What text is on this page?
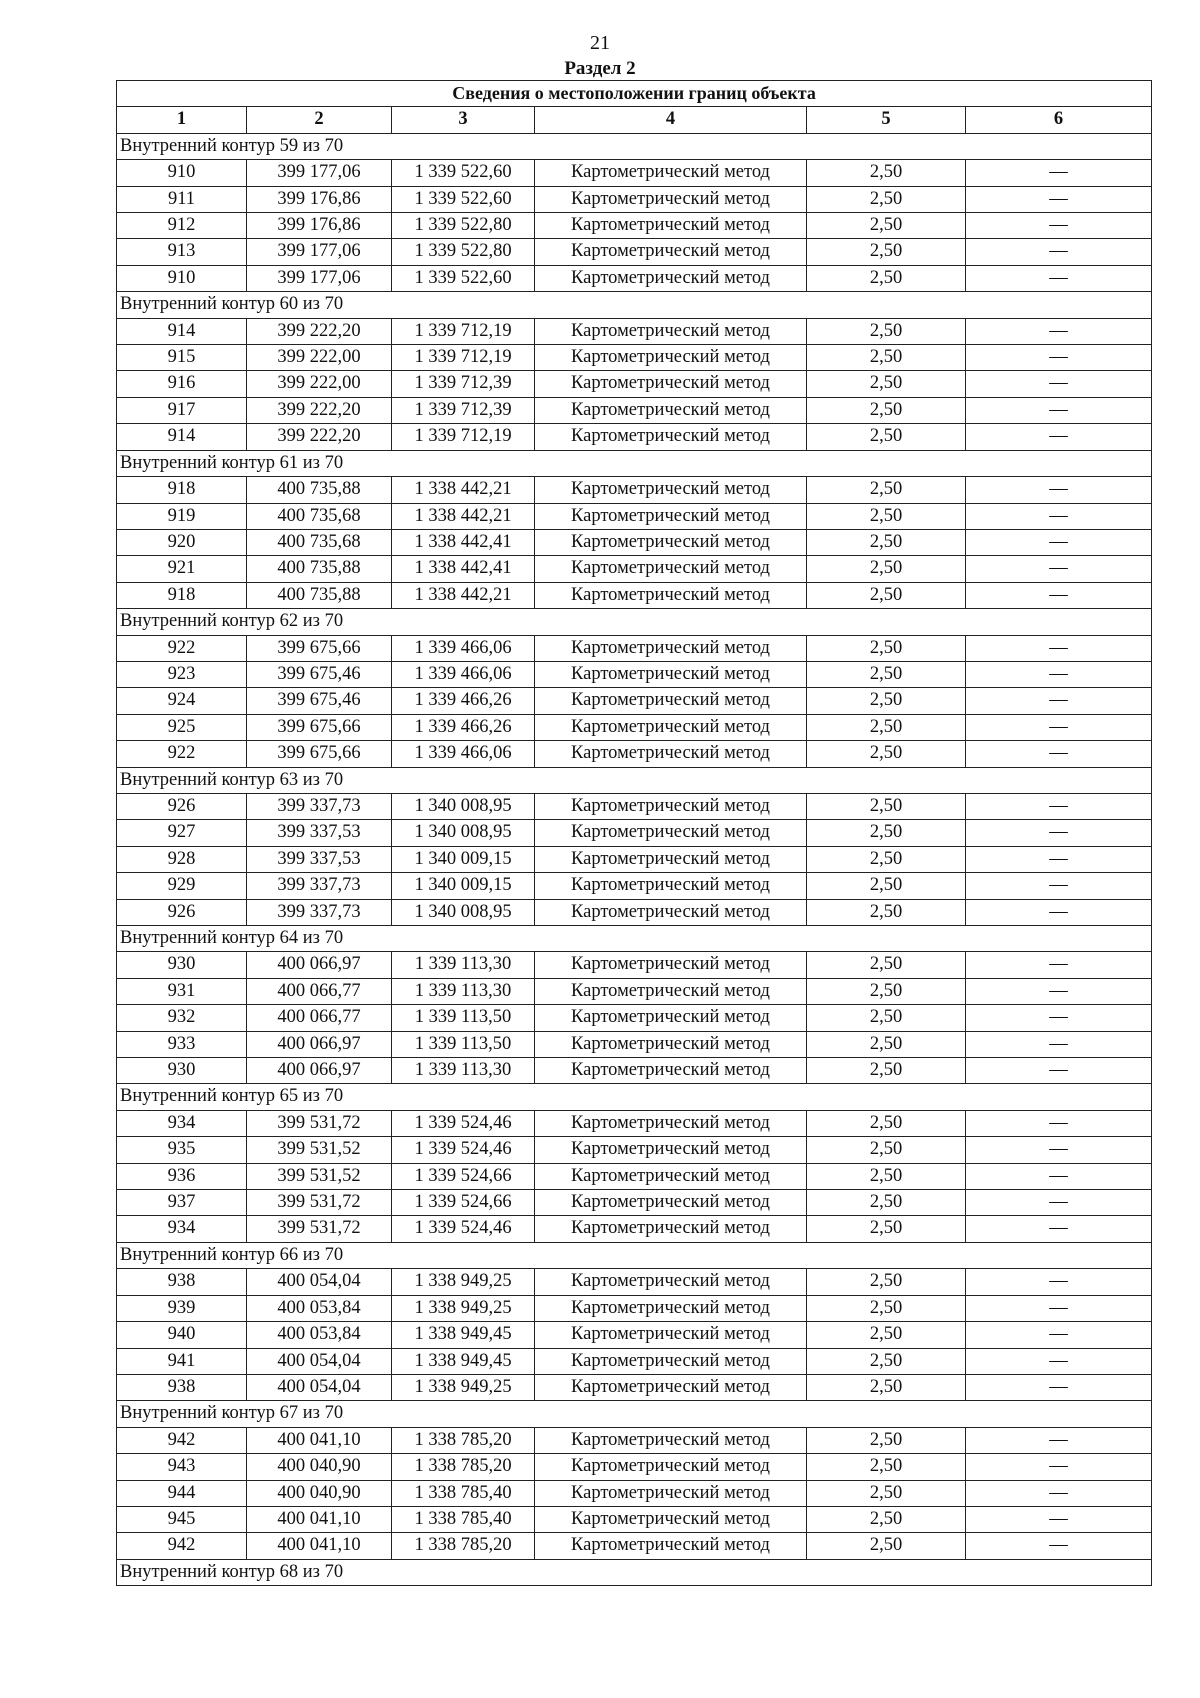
21
Раздел 2
Сведения о местоположении границ объекта					
1	2	3	4	5	6
Внутренний контур 59 из 70					
910	399 177,06	1 339 522,60	Картометрический метод	2,50	—
911	399 176,86	1 339 522,60	Картометрический метод	2,50	—
912	399 176,86	1 339 522,80	Картометрический метод	2,50	—
913	399 177,06	1 339 522,80	Картометрический метод	2,50	—
910	399 177,06	1 339 522,60	Картометрический метод	2,50	—
Внутренний контур 60 из 70					
914	399 222,20	1 339 712,19	Картометрический метод	2,50	—
915	399 222,00	1 339 712,19	Картометрический метод	2,50	—
916	399 222,00	1 339 712,39	Картометрический метод	2,50	—
917	399 222,20	1 339 712,39	Картометрический метод	2,50	—
914	399 222,20	1 339 712,19	Картометрический метод	2,50	—
Внутренний контур 61 из 70					
918	400 735,88	1 338 442,21	Картометрический метод	2,50	—
919	400 735,68	1 338 442,21	Картометрический метод	2,50	—
920	400 735,68	1 338 442,41	Картометрический метод	2,50	—
921	400 735,88	1 338 442,41	Картометрический метод	2,50	—
918	400 735,88	1 338 442,21	Картометрический метод	2,50	—
Внутренний контур 62 из 70					
922	399 675,66	1 339 466,06	Картометрический метод	2,50	—
923	399 675,46	1 339 466,06	Картометрический метод	2,50	—
924	399 675,46	1 339 466,26	Картометрический метод	2,50	—
925	399 675,66	1 339 466,26	Картометрический метод	2,50	—
922	399 675,66	1 339 466,06	Картометрический метод	2,50	—
Внутренний контур 63 из 70					
926	399 337,73	1 340 008,95	Картометрический метод	2,50	—
927	399 337,53	1 340 008,95	Картометрический метод	2,50	—
928	399 337,53	1 340 009,15	Картометрический метод	2,50	—
929	399 337,73	1 340 009,15	Картометрический метод	2,50	—
926	399 337,73	1 340 008,95	Картометрический метод	2,50	—
Внутренний контур 64 из 70					
930	400 066,97	1 339 113,30	Картометрический метод	2,50	—
931	400 066,77	1 339 113,30	Картометрический метод	2,50	—
932	400 066,77	1 339 113,50	Картометрический метод	2,50	—
933	400 066,97	1 339 113,50	Картометрический метод	2,50	—
930	400 066,97	1 339 113,30	Картометрический метод	2,50	—
Внутренний контур 65 из 70					
934	399 531,72	1 339 524,46	Картометрический метод	2,50	—
935	399 531,52	1 339 524,46	Картометрический метод	2,50	—
936	399 531,52	1 339 524,66	Картометрический метод	2,50	—
937	399 531,72	1 339 524,66	Картометрический метод	2,50	—
934	399 531,72	1 339 524,46	Картометрический метод	2,50	—
Внутренний контур 66 из 70					
938	400 054,04	1 338 949,25	Картометрический метод	2,50	—
939	400 053,84	1 338 949,25	Картометрический метод	2,50	—
940	400 053,84	1 338 949,45	Картометрический метод	2,50	—
941	400 054,04	1 338 949,45	Картометрический метод	2,50	—
938	400 054,04	1 338 949,25	Картометрический метод	2,50	—
Внутренний контур 67 из 70					
942	400 041,10	1 338 785,20	Картометрический метод	2,50	—
943	400 040,90	1 338 785,20	Картометрический метод	2,50	—
944	400 040,90	1 338 785,40	Картометрический метод	2,50	—
945	400 041,10	1 338 785,40	Картометрический метод	2,50	—
942	400 041,10	1 338 785,20	Картометрический метод	2,50	—
Внутренний контур 68 из 70					
